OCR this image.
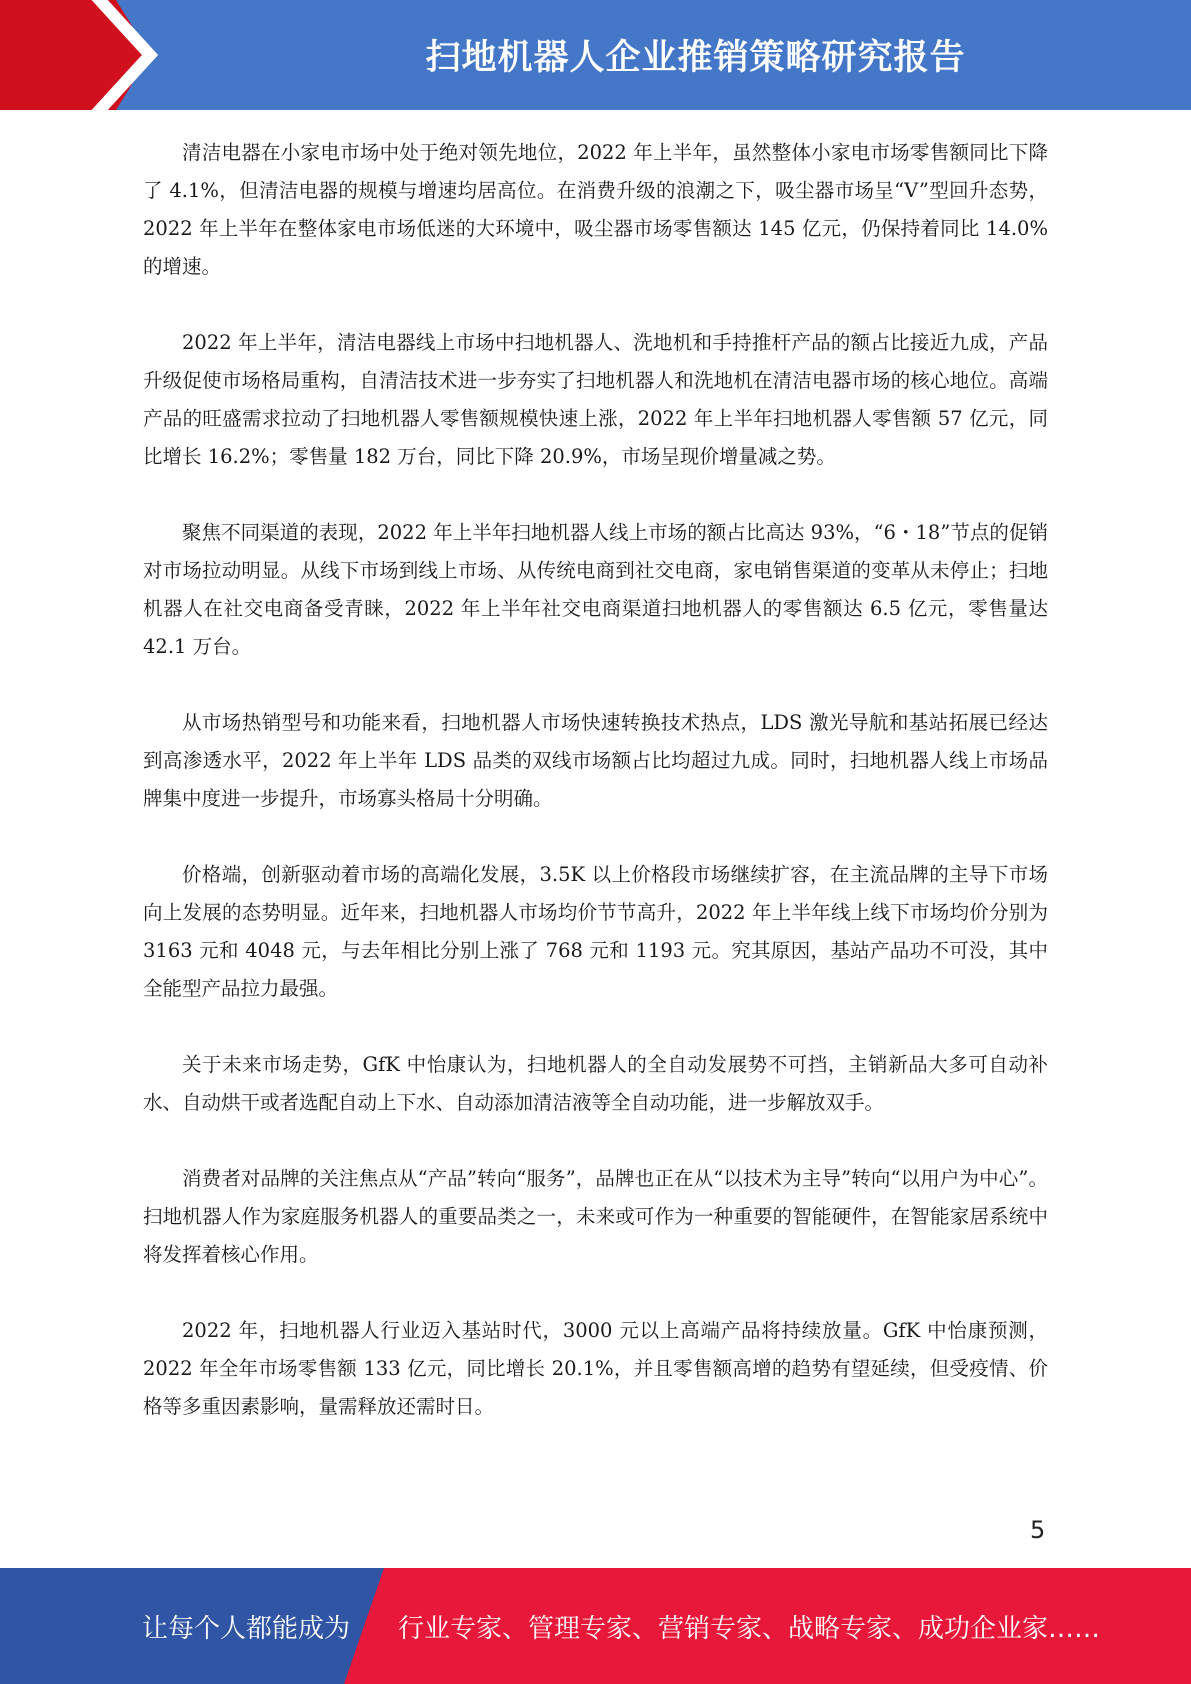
扫地机器人企业推销策略研究报告

清洁电器在小家电市场中处于绝对领先地位，2022 年上半年，虽然整体小家电市场零售额同比下降了 4.1%，但清洁电器的规模与增速均居高位。在消费升级的浪潮之下，吸尘器市场呈“V”型回升态势，2022 年上半年在整体家电市场低迷的大环境中，吸尘器市场零售额达 145 亿元，仍保持着同比 14.0%的增速。

2022 年上半年，清洁电器线上市场中扫地机器人、洗地机和手持推杆产品的额占比接近九成，产品升级促使市场格局重构，自清洁技术进一步夯实了扫地机器人和洗地机在清洁电器市场的核心地位。高端产品的旺盛需求拉动了扫地机器人零售额规模快速上涨，2022 年上半年扫地机器人零售额 57 亿元，同比增长 16.2%；零售量 182 万台，同比下降 20.9%，市场呈现价增量减之势。

聚焦不同渠道的表现，2022 年上半年扫地机器人线上市场的额占比高达 93%，“6・18”节点的促销对市场拉动明显。从线下市场到线上市场、从传统电商到社交电商，家电销售渠道的变革从未停止；扫地机器人在社交电商备受青睐，2022 年上半年社交电商渠道扫地机器人的零售额达 6.5 亿元，零售量达 42.1 万台。

从市场热销型号和功能来看，扫地机器人市场快速转换技术热点，LDS 激光导航和基站拓展已经达到高渗透水平，2022 年上半年 LDS 品类的双线市场额占比均超过九成。同时，扫地机器人线上市场品牌集中度进一步提升，市场寡头格局十分明确。

价格端，创新驱动着市场的高端化发展，3.5K 以上价格段市场继续扩容，在主流品牌的主导下市场向上发展的态势明显。近年来，扫地机器人市场均价节节高升，2022 年上半年线上线下市场均价分别为 3163 元和 4048 元，与去年相比分别上涨了 768 元和 1193 元。究其原因，基站产品功不可没，其中全能型产品拉力最强。

关于未来市场走势，GfK 中怡康认为，扫地机器人的全自动发展势不可挡，主销新品大多可自动补水、自动烘干或者选配自动上下水、自动添加清洁液等全自动功能，进一步解放双手。

消费者对品牌的关注焦点从“产品”转向“服务”，品牌也正在从“以技术为主导”转向“以用户为中心”。扫地机器人作为家庭服务机器人的重要品类之一，未来或可作为一种重要的智能硬件，在智能家居系统中将发挥着核心作用。

2022 年，扫地机器人行业迈入基站时代，3000 元以上高端产品将持续放量。GfK 中怡康预测，2022 年全年市场零售额 133 亿元，同比增长 20.1%，并且零售额高增的趋势有望延续，但受疫情、价格等多重因素影响，量需释放还需时日。

5
让每个人都能成为 行业专家、管理专家、营销专家、战略专家、成功企业家……
